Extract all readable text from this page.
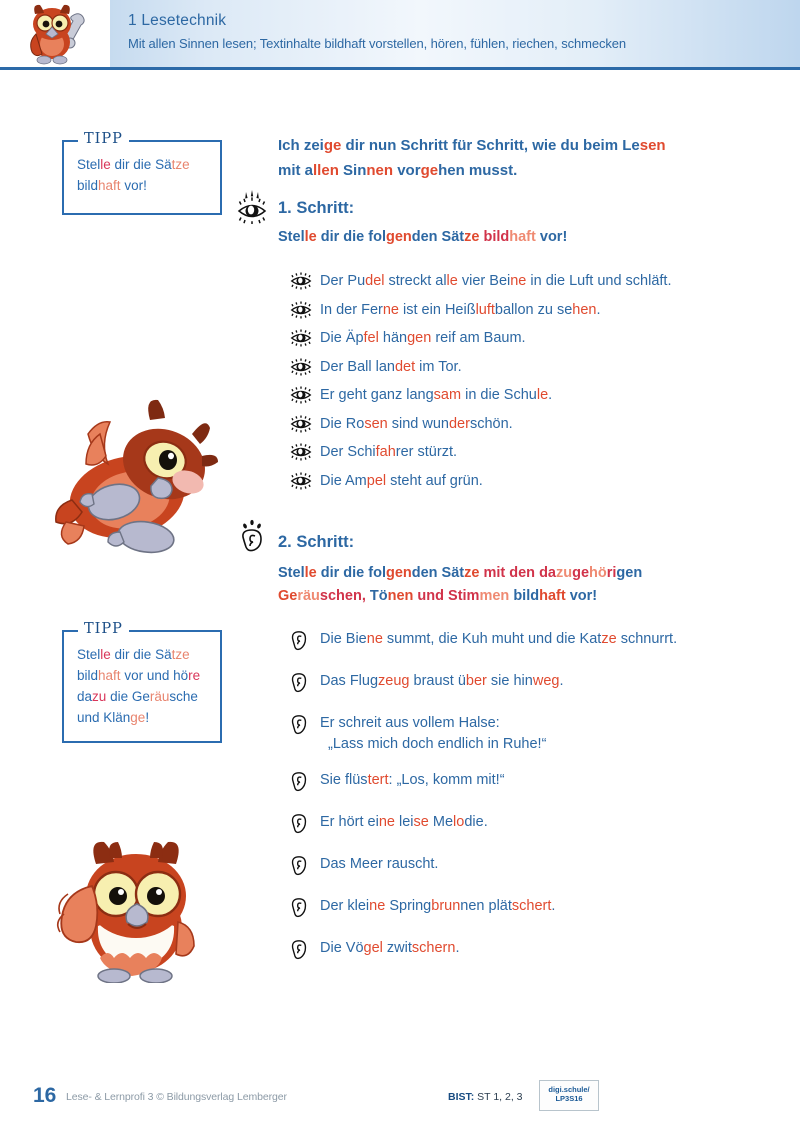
1 Lesetechnik
Mit allen Sinnen lesen; Textinhalte bildhaft vorstellen, hören, fühlen, riechen, schmecken
TIPP
Stelle dir die Sätze
bildhaft vor!
TIPP
Stelle dir die Sätze
bildhaft vor und höre
dazu die Geräusche
und Klänge!
Ich zeige dir nun Schritt für Schritt, wie du beim Lesen
mit allen Sinnen vorgehen musst.
1. Schritt:
Stelle dir die folgenden Sätze bildhaft vor!
Der Pudel streckt alle vier Beine in die Luft und schläft.
In der Ferne ist ein Heißluftballon zu sehen.
Die Äpfel hängen reif am Baum.
Der Ball landet im Tor.
Er geht ganz langsam in die Schule.
Die Rosen sind wunderschön.
Der Schifahrer stürzt.
Die Ampel steht auf grün.
2. Schritt:
Stelle dir die folgenden Sätze mit den dazugehörigen
Geräuschen, Tönen und Stimmen bildhaft vor!
Die Biene summt, die Kuh muht und die Katze schnurrt.
Das Flugzeug braust über sie hinweg.
Er schreit aus vollem Halse:
„Lass mich doch endlich in Ruhe!“
Sie flüstert: „Los, komm mit!“
Er hört eine leise Melodie.
Das Meer rauscht.
Der kleine Springbrunnen plätschert.
Die Vögel zwitschern.
16 Lese- & Lernprofi 3 © Bildungsverlag Lemberger	BIST: ST 1, 2, 3
digi.schule/
LP3S16
